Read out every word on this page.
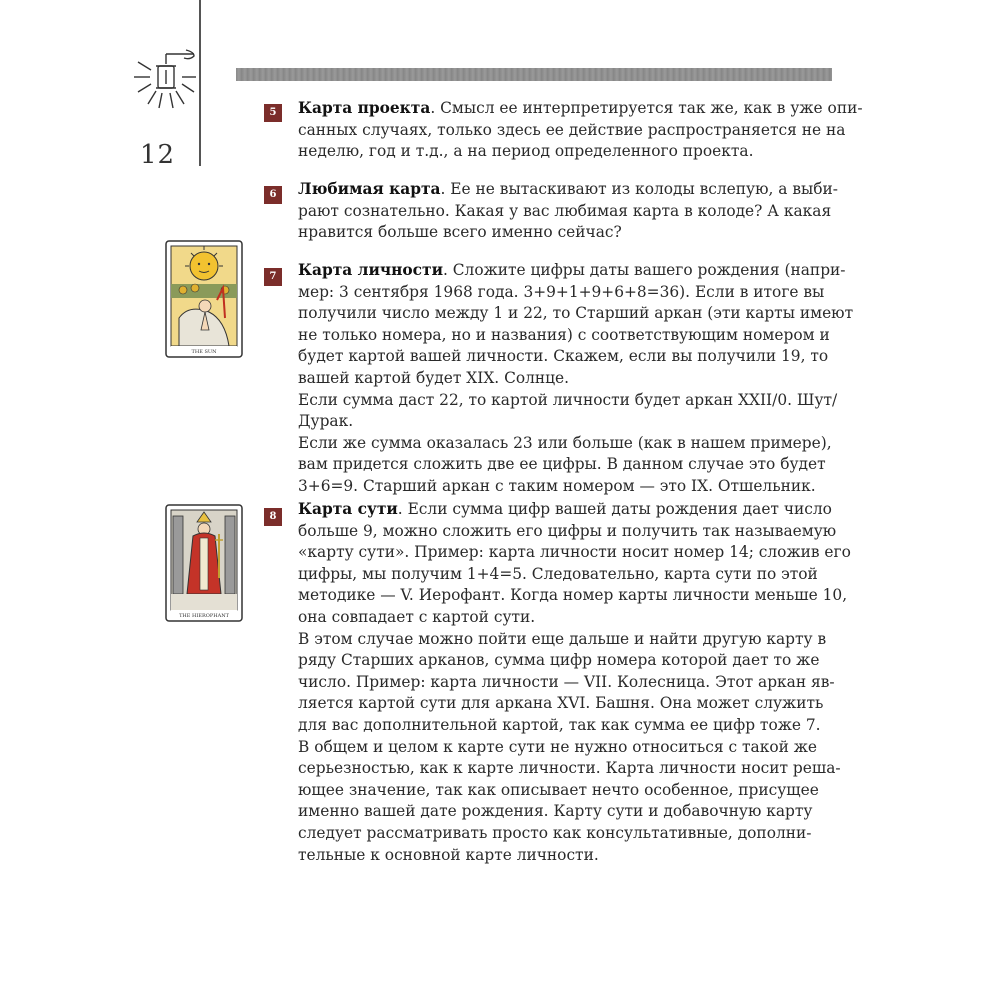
12
5	Карта проекта. Смысл ее интерпретируется так же, как в уже опи-
санных случаях, только здесь ее действие распространяется не на
неделю, год и т.д., а на период определенного проекта.
6	Любимая карта. Ее не вытаскивают из колоды вслепую, а выби-
рают сознательно. Какая у вас любимая карта в колоде? А какая
нравится больше всего именно сейчас?
THE SUN
7	Карта личности. Сложите цифры даты вашего рождения (напри-
мер: 3 сентября 1968 года. 3+9+1+9+6+8=36). Если в итоге вы
получили число между 1 и 22, то Старший аркан (эти карты имеют
не только номера, но и названия) с соответствующим номером и
будет картой вашей личности. Скажем, если вы получили 19, то
вашей картой будет XIX. Солнце.
Если сумма даст 22, то картой личности будет аркан XXII/0. Шут/
Дурак.
Если же сумма оказалась 23 или больше (как в нашем примере),
вам придется сложить две ее цифры. В данном случае это будет
3+6=9. Старший аркан с таким номером — это IX. Отшельник.
THE HIEROPHANT
8	Карта сути. Если сумма цифр вашей даты рождения дает число
больше 9, можно сложить его цифры и получить так называемую
«карту сути». Пример: карта личности носит номер 14; сложив его
цифры, мы получим 1+4=5. Следовательно, карта сути по этой
методике — V. Иерофант. Когда номер карты личности меньше 10,
она совпадает с картой сути.
В этом случае можно пойти еще дальше и найти другую карту в
ряду Старших арканов, сумма цифр номера которой дает то же
число. Пример: карта личности — VII. Колесница. Этот аркан яв-
ляется картой сути для аркана XVI. Башня. Она может служить
для вас дополнительной картой, так как сумма ее цифр тоже 7.
В общем и целом к карте сути не нужно относиться с такой же
серьезностью, как к карте личности. Карта личности носит реша-
ющее значение, так как описывает нечто особенное, присущее
именно вашей дате рождения. Карту сути и добавочную карту
следует рассматривать просто как консультативные, дополни-
тельные к основной карте личности.
